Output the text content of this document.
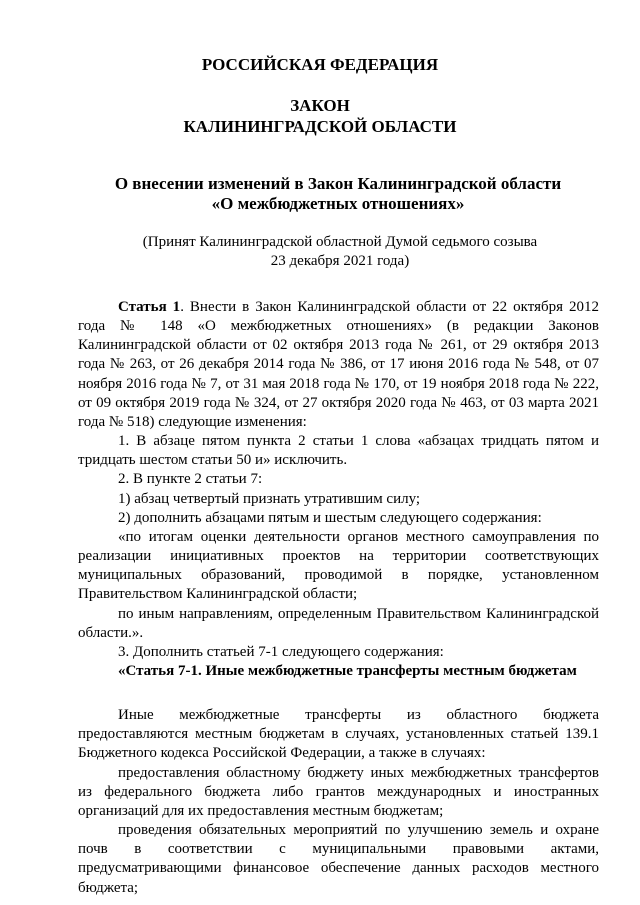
РОССИЙСКАЯ ФЕДЕРАЦИЯ
ЗАКОН
КАЛИНИНГРАДСКОЙ ОБЛАСТИ
О внесении изменений в Закон Калининградской области
«О межбюджетных отношениях»
(Принят Калининградской областной Думой седьмого созыва
23 декабря 2021 года)

Статья 1. Внести в Закон Калининградской области от 22 октября 2012 года № 148 «О межбюджетных отношениях» (в редакции Законов Калининградской области от 02 октября 2013 года № 261, от 29 октября 2013 года № 263, от 26 декабря 2014 года № 386, от 17 июня 2016 года № 548, от 07 ноября 2016 года № 7, от 31 мая 2018 года № 170, от 19 ноября 2018 года № 222, от 09 октября 2019 года № 324, от 27 октября 2020 года № 463, от 03 марта 2021 года № 518) следующие изменения:

1. В абзаце пятом пункта 2 статьи 1 слова «абзацах тридцать пятом и тридцать шестом статьи 50 и» исключить.

2. В пункте 2 статьи 7:

1) абзац четвертый признать утратившим силу;

2) дополнить абзацами пятым и шестым следующего содержания:

«по итогам оценки деятельности органов местного самоуправления по реализации инициативных проектов на территории соответствующих муниципальных образований, проводимой в порядке, установленном Правительством Калининградской области;

по иным направлениям, определенным Правительством Калининградской области.».

3. Дополнить статьей 7-1 следующего содержания:

«Статья 7-1. Иные межбюджетные трансферты местным бюджетам

Иные межбюджетные трансферты из областного бюджета предоставляются местным бюджетам в случаях, установленных статьей 139.1 Бюджетного кодекса Российской Федерации, а также в случаях:

предоставления областному бюджету иных межбюджетных трансфертов из федерального бюджета либо грантов международных и иностранных организаций для их предоставления местным бюджетам;

проведения обязательных мероприятий по улучшению земель и охране почв в соответствии с муниципальными правовыми актами, предусматривающими финансовое обеспечение данных расходов местного бюджета;
